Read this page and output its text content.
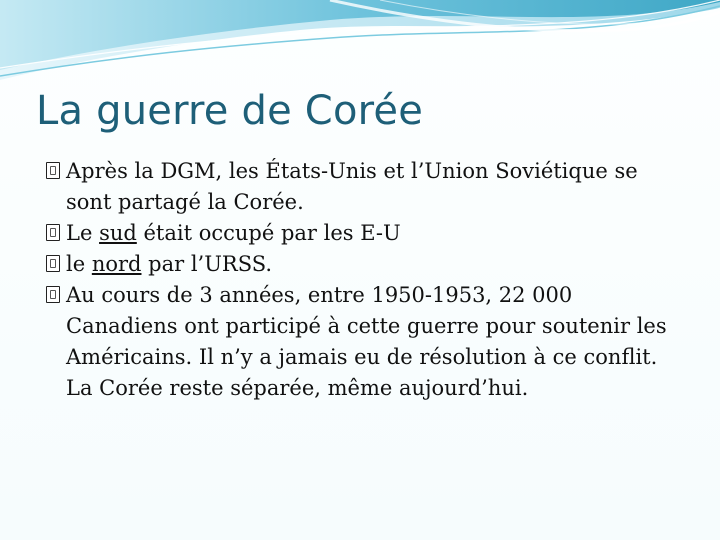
La guerre de Corée

Après la DGM, les États-Unis et l’Union Soviétique se sont partagé la Corée.

Le sud était occupé par les E-U

le nord par l’URSS.

Au cours de 3 années, entre 1950-1953, 22 000 Canadiens ont participé à cette guerre pour soutenir les Américains. Il n’y a jamais eu de résolution à ce conflit. La Corée reste séparée, même aujourd’hui.
